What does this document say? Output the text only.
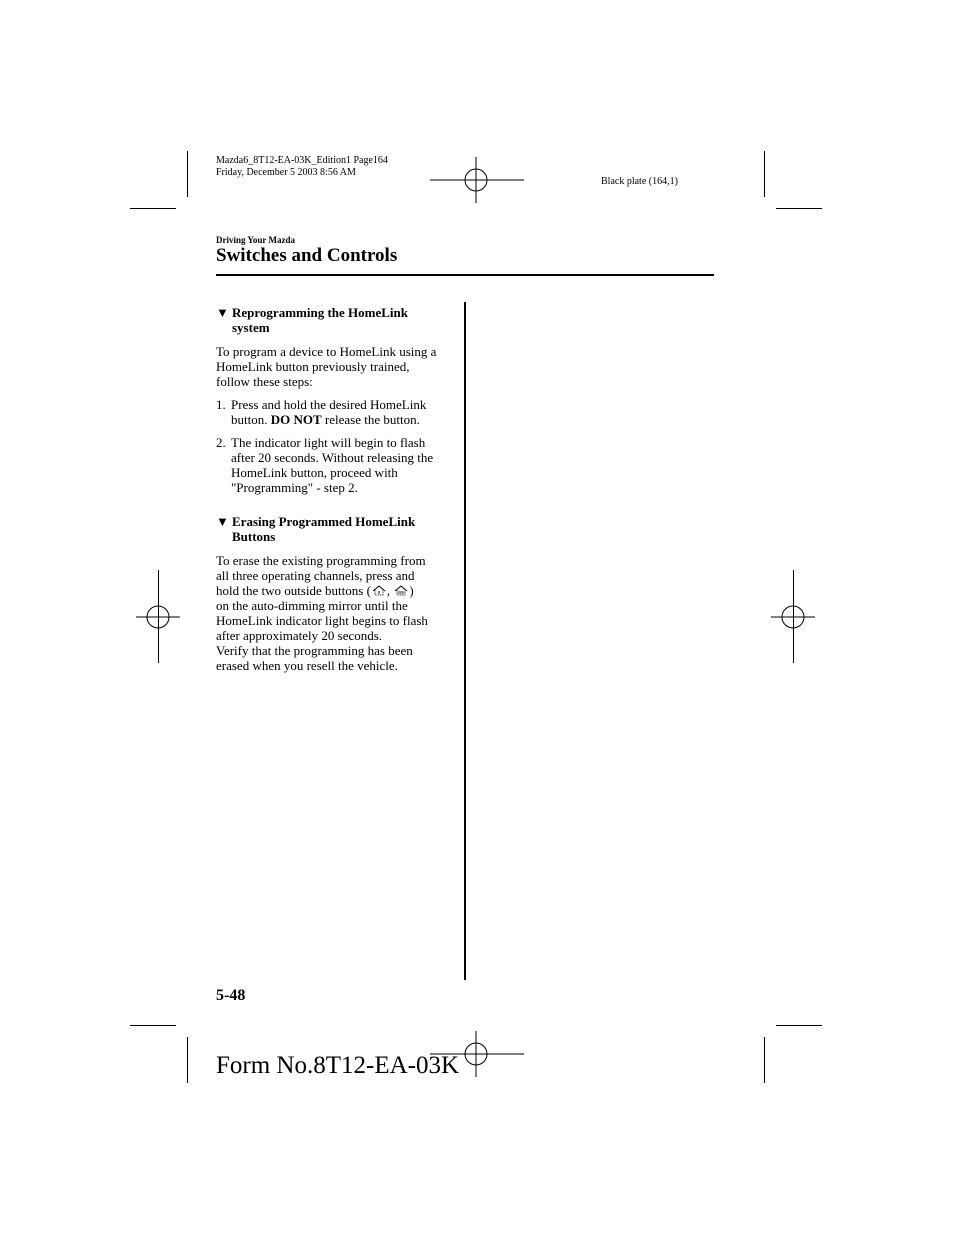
Mazda6_8T12-EA-03K_Edition1 Page164
Friday, December 5 2003 8:56 AM
Black plate (164,1)
Driving Your Mazda
Switches and Controls
▼ Reprogramming the HomeLink
system

To program a device to HomeLink using a
HomeLink button previously trained,
follow these steps:

1. Press and hold the desired HomeLink
button. DO NOT release the button.
2. The indicator light will begin to flash
after 20 seconds. Without releasing the
HomeLink button, proceed with
"Programming" - step 2.
▼ Erasing Programmed HomeLink
Buttons

To erase the existing programming from
all three operating channels, press and
hold the two outside buttons ( , )
on the auto-dimming mirror until the
HomeLink indicator light begins to flash
after approximately 20 seconds.
Verify that the programming has been
erased when you resell the vehicle.

5-48
Form No.8T12-EA-03K
